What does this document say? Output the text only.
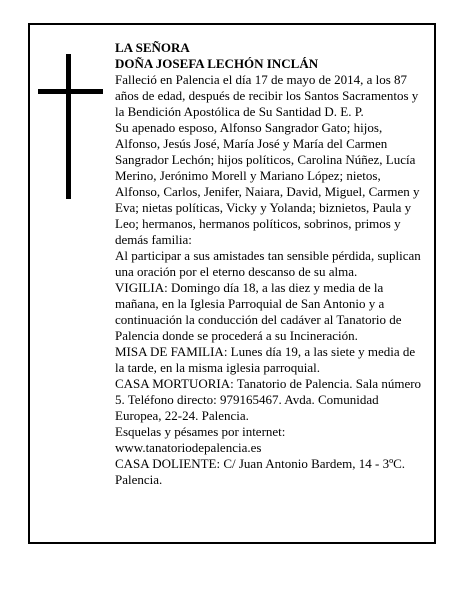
LA SEÑORA

DOÑA JOSEFA LECHÓN INCLÁN

Falleció en Palencia el día 17 de mayo de 2014, a los 87 años de edad, después de recibir los Santos Sacramentos y la Bendición Apostólica de Su Santidad D. E. P.

Su apenado esposo, Alfonso Sangrador Gato; hijos, Alfonso, Jesús José, María José y María del Carmen Sangrador Lechón; hijos políticos, Carolina Núñez, Lucía Merino, Jerónimo Morell y Mariano López; nietos, Alfonso, Carlos, Jenifer, Naiara, David, Miguel, Carmen y Eva; nietas políticas, Vicky y Yolanda; biznietos, Paula y Leo; hermanos, hermanos políticos, sobrinos, primos y demás familia:

Al participar a sus amistades tan sensible pérdida, suplican una oración por el eterno descanso de su alma.

VIGILIA: Domingo día 18, a las diez y media de la mañana, en la Iglesia Parroquial de San Antonio y a continuación la conducción del cadáver al Tanatorio de Palencia donde se procederá a su Incineración.

MISA DE FAMILIA: Lunes día 19, a las siete y media de la tarde, en la misma iglesia parroquial.

CASA MORTUORIA: Tanatorio de Palencia. Sala número 5. Teléfono directo: 979165467. Avda. Comunidad Europea, 22-24. Palencia.

Esquelas y pésames por internet: www.tanatoriodepalencia.es

CASA DOLIENTE: C/ Juan Antonio Bardem, 14 - 3ºC. Palencia.
